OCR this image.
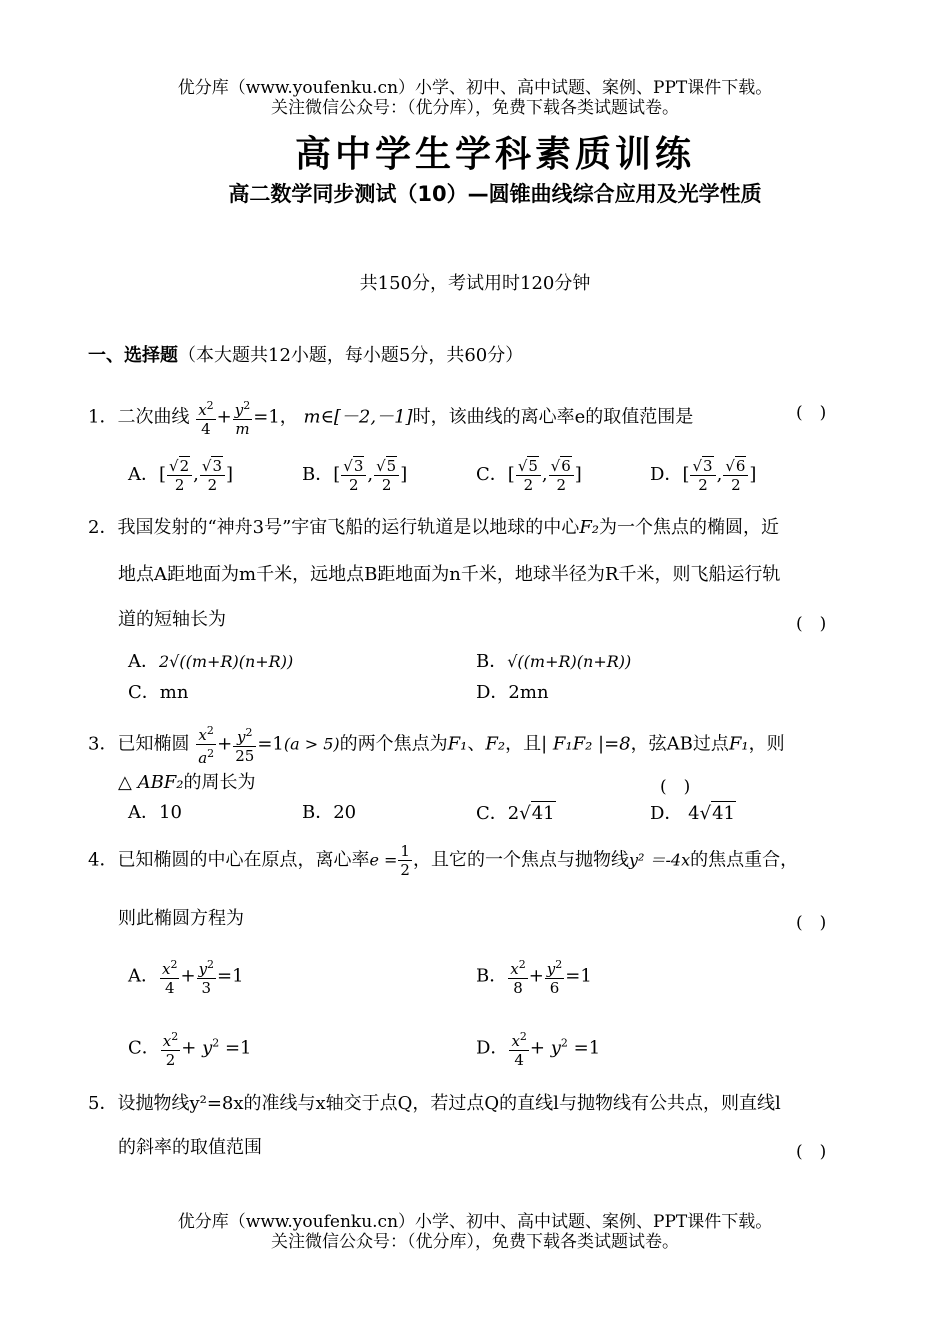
优分库（www.youfenku.cn）小学、初中、高中试题、案例、PPT课件下载。
关注微信公众号：（优分库），免费下载各类试题试卷。
高中学生学科素质训练
高二数学同步测试（10）—圆锥曲线综合应用及光学性质
共150分，考试用时120分钟
一、选择题（本大题共12小题，每小题5分，共60分）
1．二次曲线 $\frac{x^2}{4} + \frac{y^2}{m} =1$， m∈[－2,－1]时，该曲线的离心率e的取值范围是	(　)
A．[ $\frac{√2}{2}$ , $\frac{√3}{2}$ ]	B．[ $\frac{√3}{2}$ , $\frac{√5}{2}$ ]	C．[ $\frac{√5}{2}$ , $\frac{√6}{2}$ ]	D．[ $\frac{√3}{2}$ , $\frac{√6}{2}$ ]
2．我国发射的“神舟3号”宇宙飞船的运行轨道是以地球的中心F₂为一个焦点的椭圆，近
地点A距地面为m千米，远地点B距地面为n千米，地球半径为R千米，则飞船运行轨
道的短轴长为	(　)
A．2√((m+R)(n+R))	B．√((m+R)(n+R))
C．mn	D．2mn
3．已知椭圆 $\frac{x^2}{a^2} + \frac{y^2}{25} =1(a > 5)$的两个焦点为F₁、F₂，且| F₁F₂ |=8，弦AB过点F₁，则
△ ABF₂的周长为	(　)
A．10	B．20	C．2√41	D． 4√41
4．已知椭圆的中心在原点，离心率$e = \frac{1}{2}$ ，且它的一个焦点与抛物线y² ＝-4x的焦点重合，
则此椭圆方程为	(　)
A． $\frac{x^2}{4} + \frac{y^2}{3} =1$	B． $\frac{x^2}{8} + \frac{y^2}{6} =1$
C． $\frac{x^2}{2} + y^2 =1$	D． $\frac{x^2}{4} + y^2 =1$
5．设抛物线y²=8x的准线与x轴交于点Q，若过点Q的直线l与抛物线有公共点，则直线l
的斜率的取值范围	(　)
优分库（www.youfenku.cn）小学、初中、高中试题、案例、PPT课件下载。
关注微信公众号：（优分库），免费下载各类试题试卷。
